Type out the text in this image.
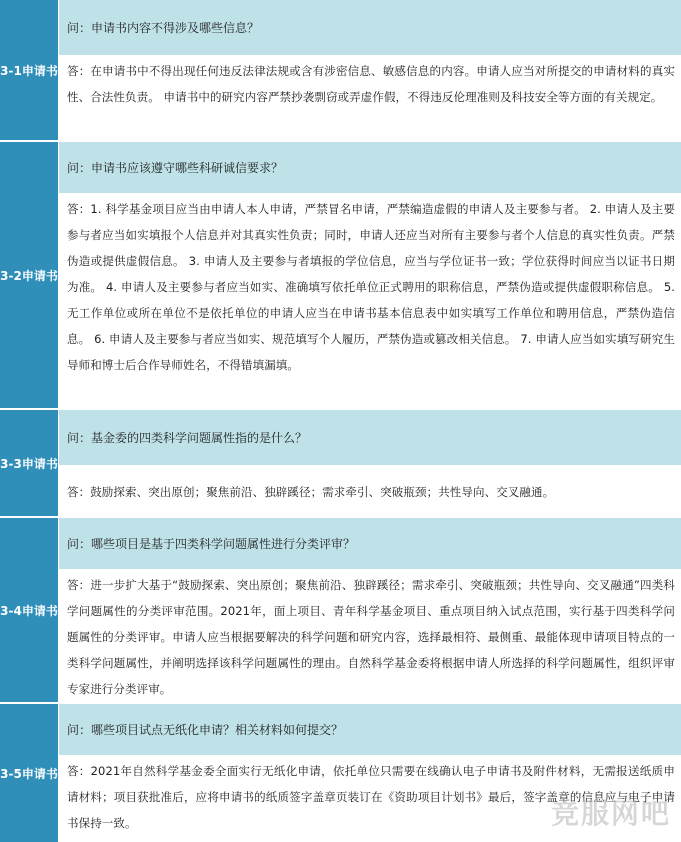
3-1申请书
问：申请书内容不得涉及哪些信息？
答：在申请书中不得出现任何违反法律法规或含有涉密信息、敏感信息的内容。申请人应当对所提交的申请材料的真实性、合法性负责。 申请书中的研究内容严禁抄袭剽窃或弄虚作假，不得违反伦理准则及科技安全等方面的有关规定。
3-2申请书
问：申请书应该遵守哪些科研诚信要求？
答：1. 科学基金项目应当由申请人本人申请，严禁冒名申请，严禁编造虚假的申请人及主要参与者。 2. 申请人及主要参与者应当如实填报个人信息并对其真实性负责；同时，申请人还应当对所有主要参与者个人信息的真实性负责。严禁伪造或提供虚假信息。 3. 申请人及主要参与者填报的学位信息，应当与学位证书一致；学位获得时间应当以证书日期为准。 4. 申请人及主要参与者应当如实、准确填写依托单位正式聘用的职称信息，严禁伪造或提供虚假职称信息。 5. 无工作单位或所在单位不是依托单位的申请人应当在申请书基本信息表中如实填写工作单位和聘用信息，严禁伪造信息。 6. 申请人及主要参与者应当如实、规范填写个人履历，严禁伪造或篡改相关信息。 7. 申请人应当如实填写研究生导师和博士后合作导师姓名，不得错填漏填。
3-3申请书
问：基金委的四类科学问题属性指的是什么？
答：鼓励探索、突出原创；聚焦前沿、独辟蹊径；需求牵引、突破瓶颈；共性导向、交叉融通。
3-4申请书
问：哪些项目是基于四类科学问题属性进行分类评审？
答：进一步扩大基于“鼓励探索、突出原创；聚焦前沿、独辟蹊径；需求牵引、突破瓶颈；共性导向、交叉融通”四类科学问题属性的分类评审范围。2021年，面上项目、青年科学基金项目、重点项目纳入试点范围，实行基于四类科学问题属性的分类评审。申请人应当根据要解决的科学问题和研究内容，选择最相符、最侧重、最能体现申请项目特点的一类科学问题属性，并阐明选择该科学问题属性的理由。自然科学基金委将根据申请人所选择的科学问题属性，组织评审专家进行分类评审。
3-5申请书
问：哪些项目试点无纸化申请？相关材料如何提交？
答：2021年自然科学基金委全面实行无纸化申请，依托单位只需要在线确认电子申请书及附件材料，无需报送纸质申请材料；项目获批准后，应将申请书的纸质签字盖章页装订在《资助项目计划书》最后，签字盖章的信息应与电子申请书保持一致。	竞服网吧
